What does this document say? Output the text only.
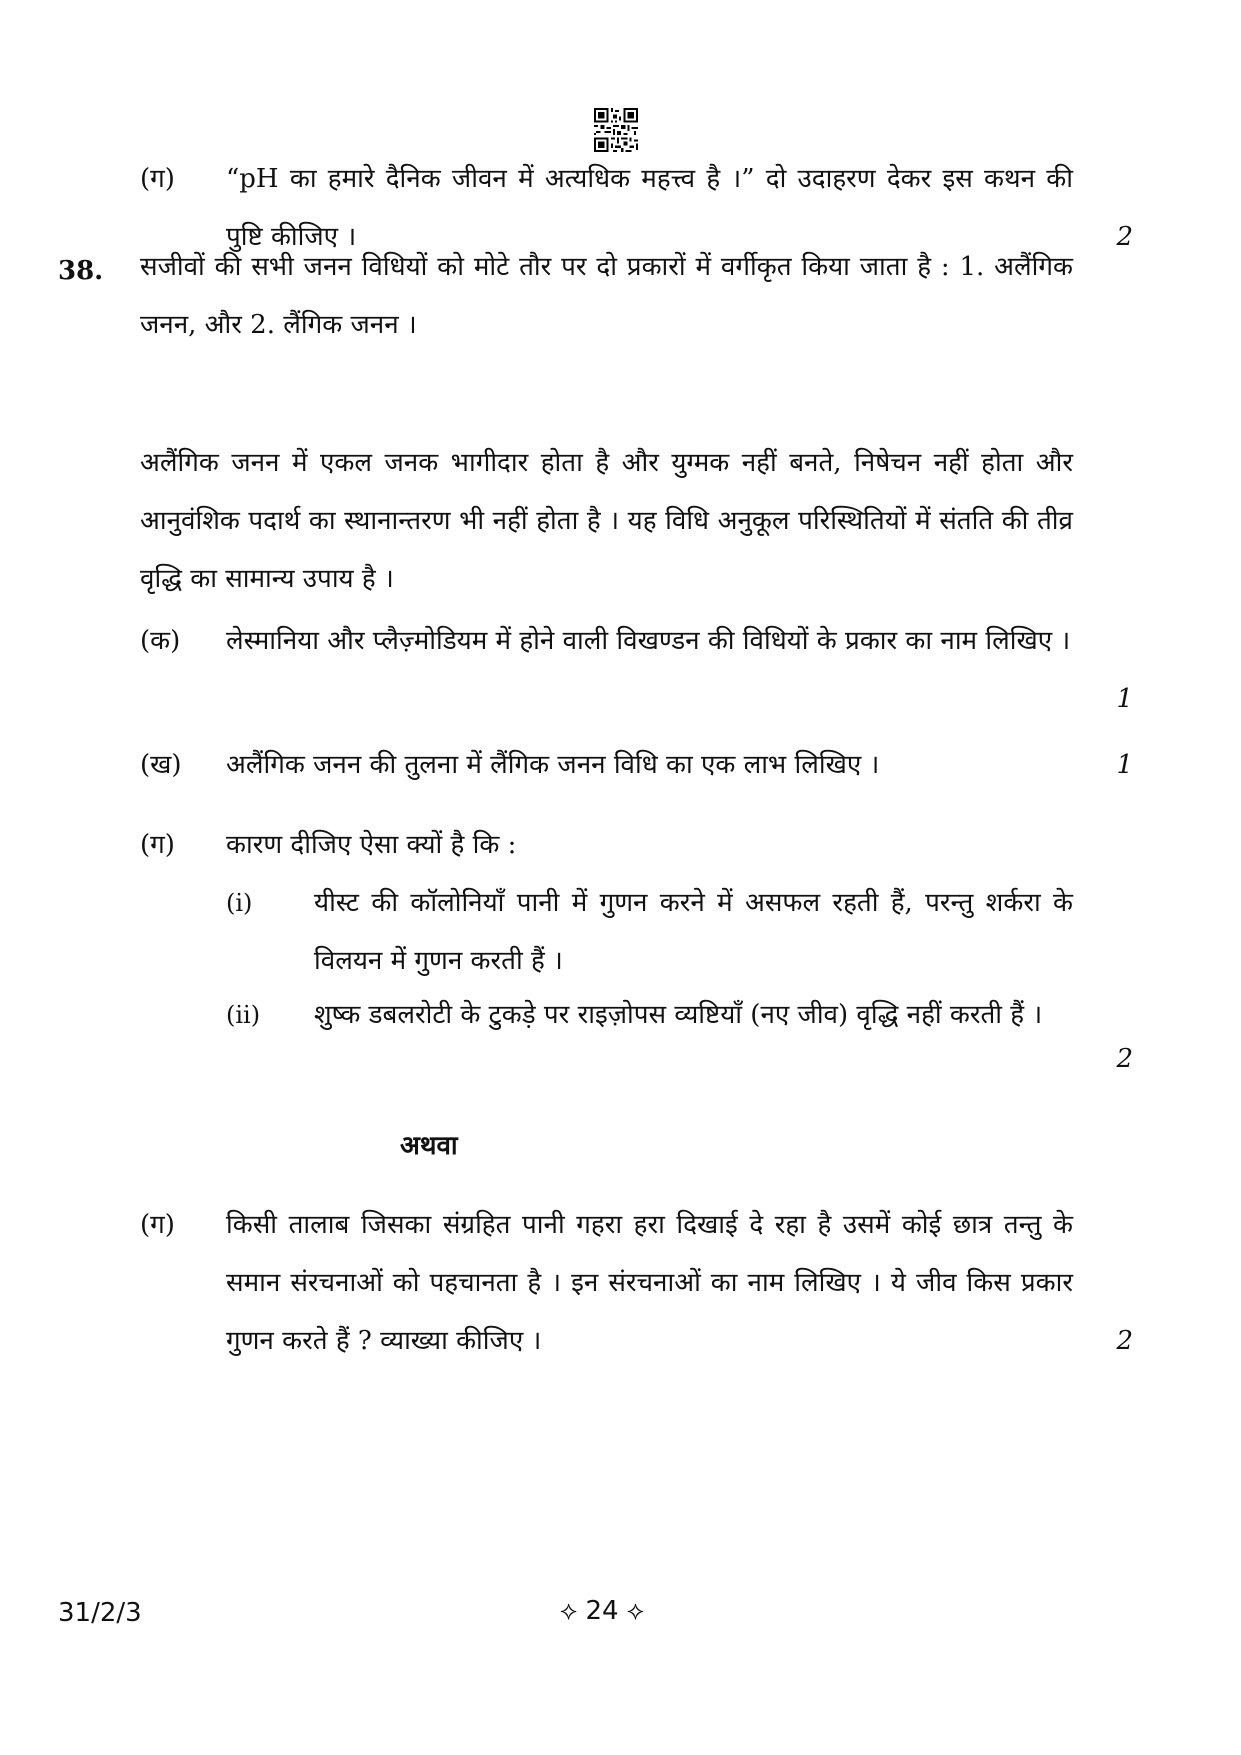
(ग)	“pH का हमारे दैनिक जीवन में अत्यधिक महत्त्व है ।” दो उदाहरण देकर इस कथन की पुष्टि कीजिए ।	2
38. सजीवों की सभी जनन विधियों को मोटे तौर पर दो प्रकारों में वर्गीकृत किया जाता है : 1. अलैंगिक जनन, और 2. लैंगिक जनन ।
अलैंगिक जनन में एकल जनक भागीदार होता है और युग्मक नहीं बनते, निषेचन नहीं होता और आनुवंशिक पदार्थ का स्थानान्तरण भी नहीं होता है । यह विधि अनुकूल परिस्थितियों में संतति की तीव्र वृद्धि का सामान्य उपाय है ।
(क)	लेस्मानिया और प्लैज़्मोडियम में होने वाली विखण्डन की विधियों के प्रकार का नाम लिखिए ।
1
(ख)	अलैंगिक जनन की तुलना में लैंगिक जनन विधि का एक लाभ लिखिए ।	1
(ग)	कारण दीजिए ऐसा क्यों है कि :
(i)	यीस्ट की कॉलोनियाँ पानी में गुणन करने में असफल रहती हैं, परन्तु शर्करा के विलयन में गुणन करती हैं ।
(ii)	शुष्क डबलरोटी के टुकड़े पर राइज़ोपस व्यष्टियाँ (नए जीव) वृद्धि नहीं करती हैं ।
2
अथवा
(ग)	किसी तालाब जिसका संग्रहित पानी गहरा हरा दिखाई दे रहा है उसमें कोई छात्र तन्तु के समान संरचनाओं को पहचानता है । इन संरचनाओं का नाम लिखिए । ये जीव किस प्रकार गुणन करते हैं ? व्याख्या कीजिए ।	2
31/2/3	⟡ 24 ⟡
